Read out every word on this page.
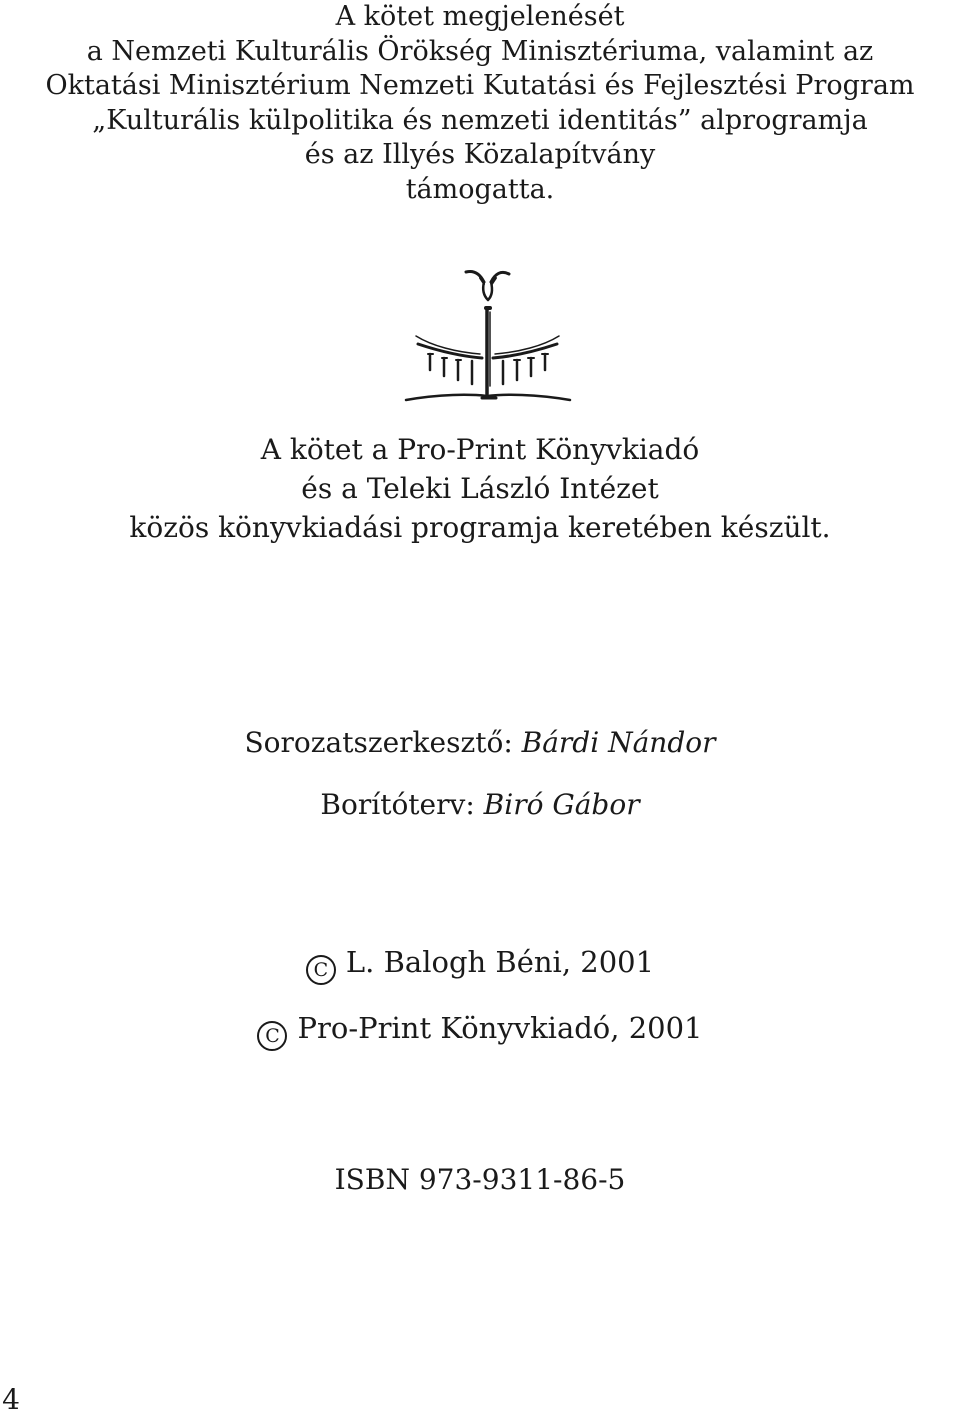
A kötet megjelenését
a Nemzeti Kulturális Örökség Minisztériuma, valamint az
Oktatási Minisztérium Nemzeti Kutatási és Fejlesztési Program
„Kulturális külpolitika és nemzeti identitás” alprogramja
és az Illyés Közalapítvány
támogatta.
A kötet a Pro-Print Könyvkiadó
és a Teleki László Intézet
közös könyvkiadási programja keretében készült.
Sorozatszerkesztő: Bárdi Nándor
Borítóterv: Biró Gábor
C L. Balogh Béni, 2001
C Pro-Print Könyvkiadó, 2001
ISBN 973-9311-86-5
4
